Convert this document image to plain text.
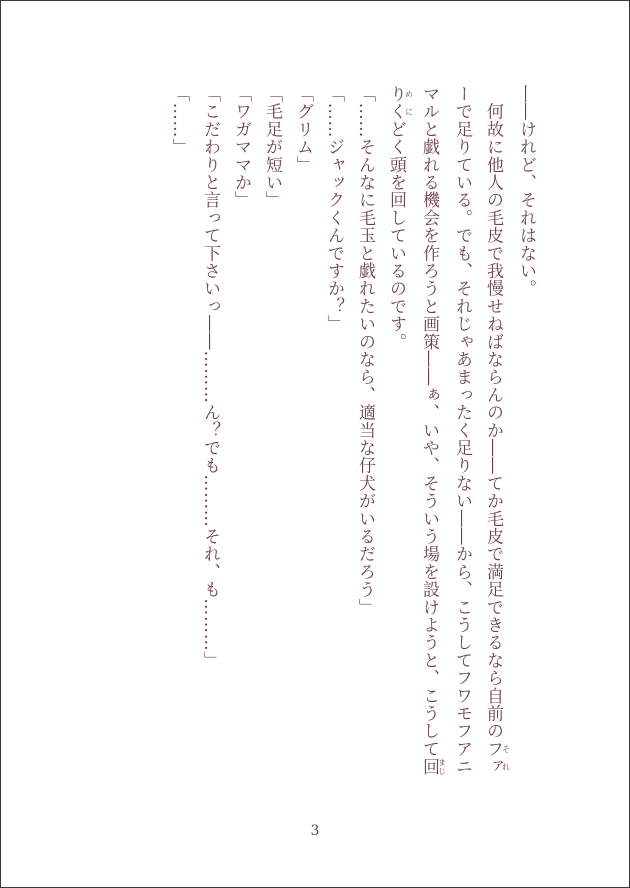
――けれど、それはない。

　何故に他人の毛皮で我慢せねばならんのか――てか毛皮で満足できるなら自前のファそれ

ーで足りている。でも、それじゃあまったく足りない――から、こうしてフワモフアニ

マルと戯れる機会を作ろうと画策――ぁ、いや、そういう場を設けようと、こうして回まじ

りくめにどく頭を回しているのです。

「……そんなに毛玉と戯れたいのなら、適当な仔犬がいるだろう」

「……ジャックくんですか？」

「グリム」

「毛足が短い」

「ワガママか」

「こだわりと言って下さいっ――………ん？でも………それ、も………」

「……」

3
